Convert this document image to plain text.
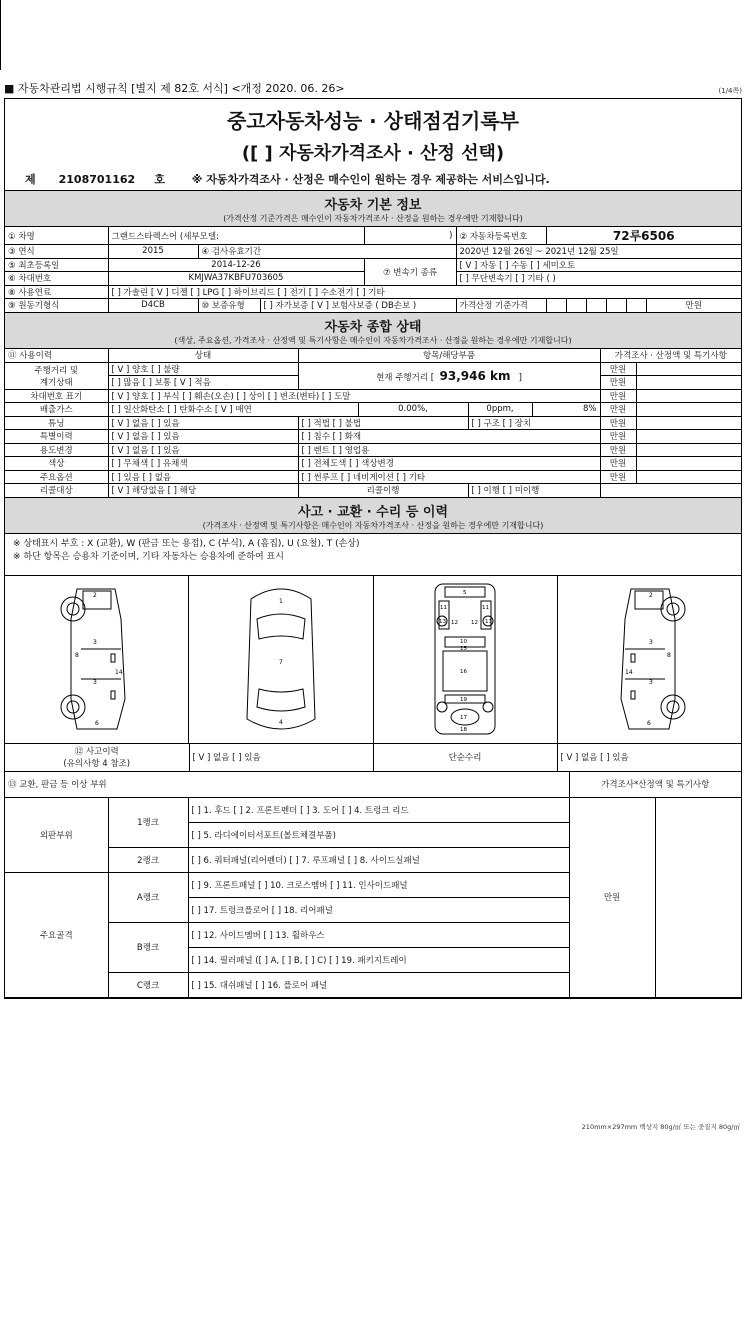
■ 자동차관리법 시행규칙 [별지 제 82호 서식] <개정 2020. 06. 26>	(1/4쪽)
중고자동차성능 · 상태점검기록부
([ ] 자동차가격조사 · 산정 선택)
제 2108701162 호 ※ 자동차가격조사 · 산정은 매수인이 원하는 경우 제공하는 서비스입니다.
자동차 기본 정보
(가격산정 기준가격은 매수인이 자동차가격조사 · 산정을 원하는 경우에만 기재합니다)
① 차명	그랜드스타렉스어 (세부모델:			)	② 자동차등록번호	72루6506					
③ 연식	2015	④ 검사유효기간			2020년 12월 26일 ~ 2021년 12월 25일						
⑤ 최초등록일	2014-12-26			⑦ 변속기 종류	[ V ] 자동 [ ] 수동 [ ] 세미오토						
⑥ 차대번호	KMJWA37KBFU703605				[ ] 무단변속기 [ ] 기타 ( )						
⑧ 사용연료	[ ] 가솔린 [ V ] 디젤 [ ] LPG [ ] 하이브리드 [ ] 전기 [ ] 수소전기 [ ] 기타										
⑨ 원동기형식	D4CB	⑩ 보증유형	[ ] 자가보증 [ V ] 보험사보증 ( DB손보 )		가격산정 기준가격						만원
자동차 종합 상태
(색상, 주요옵션, 가격조사 · 산정액 및 특기사항은 매수인이 자동차가격조사 · 산정을 원하는 경우에만 기재합니다)
⑪ 사용이력	상태	항목/해당부품				가격조사 · 산정액 및 특기사항	

주행거리 및
계기상태	[ V ] 양호 [ ] 불량	현재 주행거리 [ 93,946 km ]				만원	
	[ ] 많음 [ ] 보통 [ V ] 적음					만원	
차대번호 표기	[ V ] 양호 [ ] 부식 [ ] 훼손(오손) [ ] 상이 [ ] 변조(변타) [ ] 도말					만원	
배출가스	[ ] 일산화탄소 [ ] 탄화수소 [ V ] 매연		0.00%,	0ppm,	8%	만원	
튜닝	[ V ] 없음 [ ] 있음	[ ] 적법 [ ] 불법		[ ] 구조 [ ] 장치		만원	
특별이력	[ V ] 없음 [ ] 있음	[ ] 침수 [ ] 화재				만원	
용도변경	[ V ] 없음 [ ] 있음	[ ] 렌트 [ ] 영업용				만원	
색상	[ ] 무채색 [ ] 유채색	[ ] 전체도색 [ ] 색상변경				만원	
주요옵션	[ ] 있음 [ ] 없음	[ ] 썬루프 [ ] 네비게이션 [ ] 기타				만원	
리콜대상	[ V ] 해당없음 [ ] 해당	리콜이행		[ ] 이행 [ ] 미이행			
사고 · 교환 · 수리 등 이력
(가격조사 · 산정액 및 특기사항은 매수인이 자동차가격조사 · 산정을 원하는 경우에만 기재합니다)
※ 상태표시 부호 : X (교환), W (판금 또는 용접), C (부식), A (흠집), U (요철), T (손상)
※ 하단 항목은 승용차 기준이며, 기타 자동차는 승용차에 준하여 표시
2
3
3
8
14
6
1
7
4
5
11	11
13	13
12 12
10
15
16
19
17
18
2
3
3
8
14
6
⑫ 사고이력
(유의사항 4 참조)
	[ V ] 없음 [ ] 있음	단순수리	[ V ] 없음 [ ] 있음
⑬ 교환, 판금 등 이상 부위			가격조사*산정액 및 특기사항	
외판부위	1랭크	[ ] 1. 후드 [ ] 2. 프론트펜더 [ ] 3. 도어 [ ] 4. 트렁크 리드	만원	
		[ ] 5. 라디에이터서포트(볼트체결부품)		
	2랭크	[ ] 6. 쿼터패널(리어펜더) [ ] 7. 루프패널 [ ] 8. 사이드실패널		
주요골격	A랭크	[ ] 9. 프론트패널 [ ] 10. 크로스멤버 [ ] 11. 인사이드패널		
		[ ] 17. 트렁크플로어 [ ] 18. 리어패널		
	B랭크	[ ] 12. 사이드멤버 [ ] 13. 휠하우스		
		[ ] 14. 필러패널 ([ ] A, [ ] B, [ ] C) [ ] 19. 패키지트레이		
	C랭크	[ ] 15. 대쉬패널 [ ] 16. 플로어 패널		
210mm×297mm 백상지 80g/㎡ 또는 중질지 80g/㎡
